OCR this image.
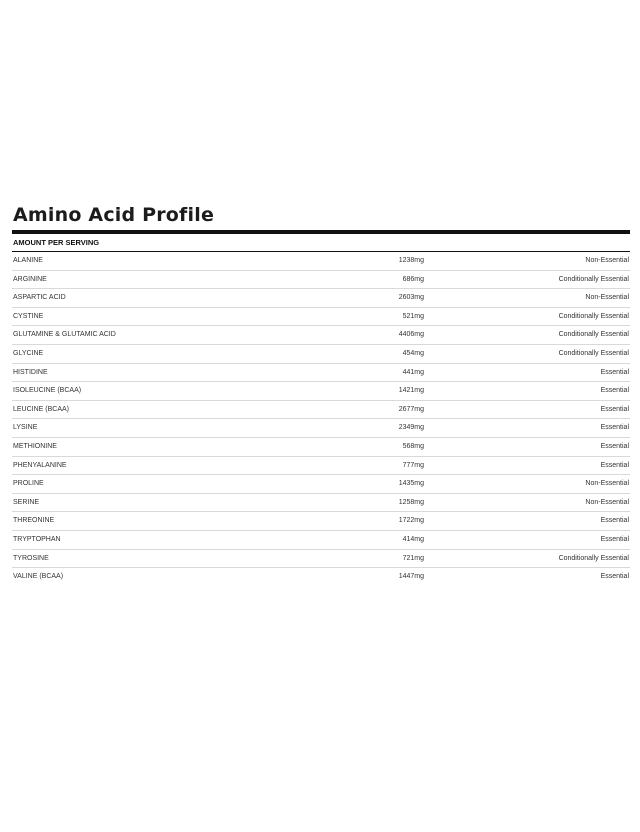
Amino Acid Profile
AMOUNT PER SERVING
ALANINE	1238mg	Non-Essential
ARGININE	686mg	Conditionally Essential
ASPARTIC ACID	2603mg	Non-Essential
CYSTINE	521mg	Conditionally Essential
GLUTAMINE & GLUTAMIC ACID	4406mg	Conditionally Essential
GLYCINE	454mg	Conditionally Essential
HISTIDINE	441mg	Essential
ISOLEUCINE (BCAA)	1421mg	Essential
LEUCINE (BCAA)	2677mg	Essential
LYSINE	2349mg	Essential
METHIONINE	568mg	Essential
PHENYALANINE	777mg	Essential
PROLINE	1435mg	Non-Essential
SERINE	1258mg	Non-Essential
THREONINE	1722mg	Essential
TRYPTOPHAN	414mg	Essential
TYROSINE	721mg	Conditionally Essential
VALINE (BCAA)	1447mg	Essential
